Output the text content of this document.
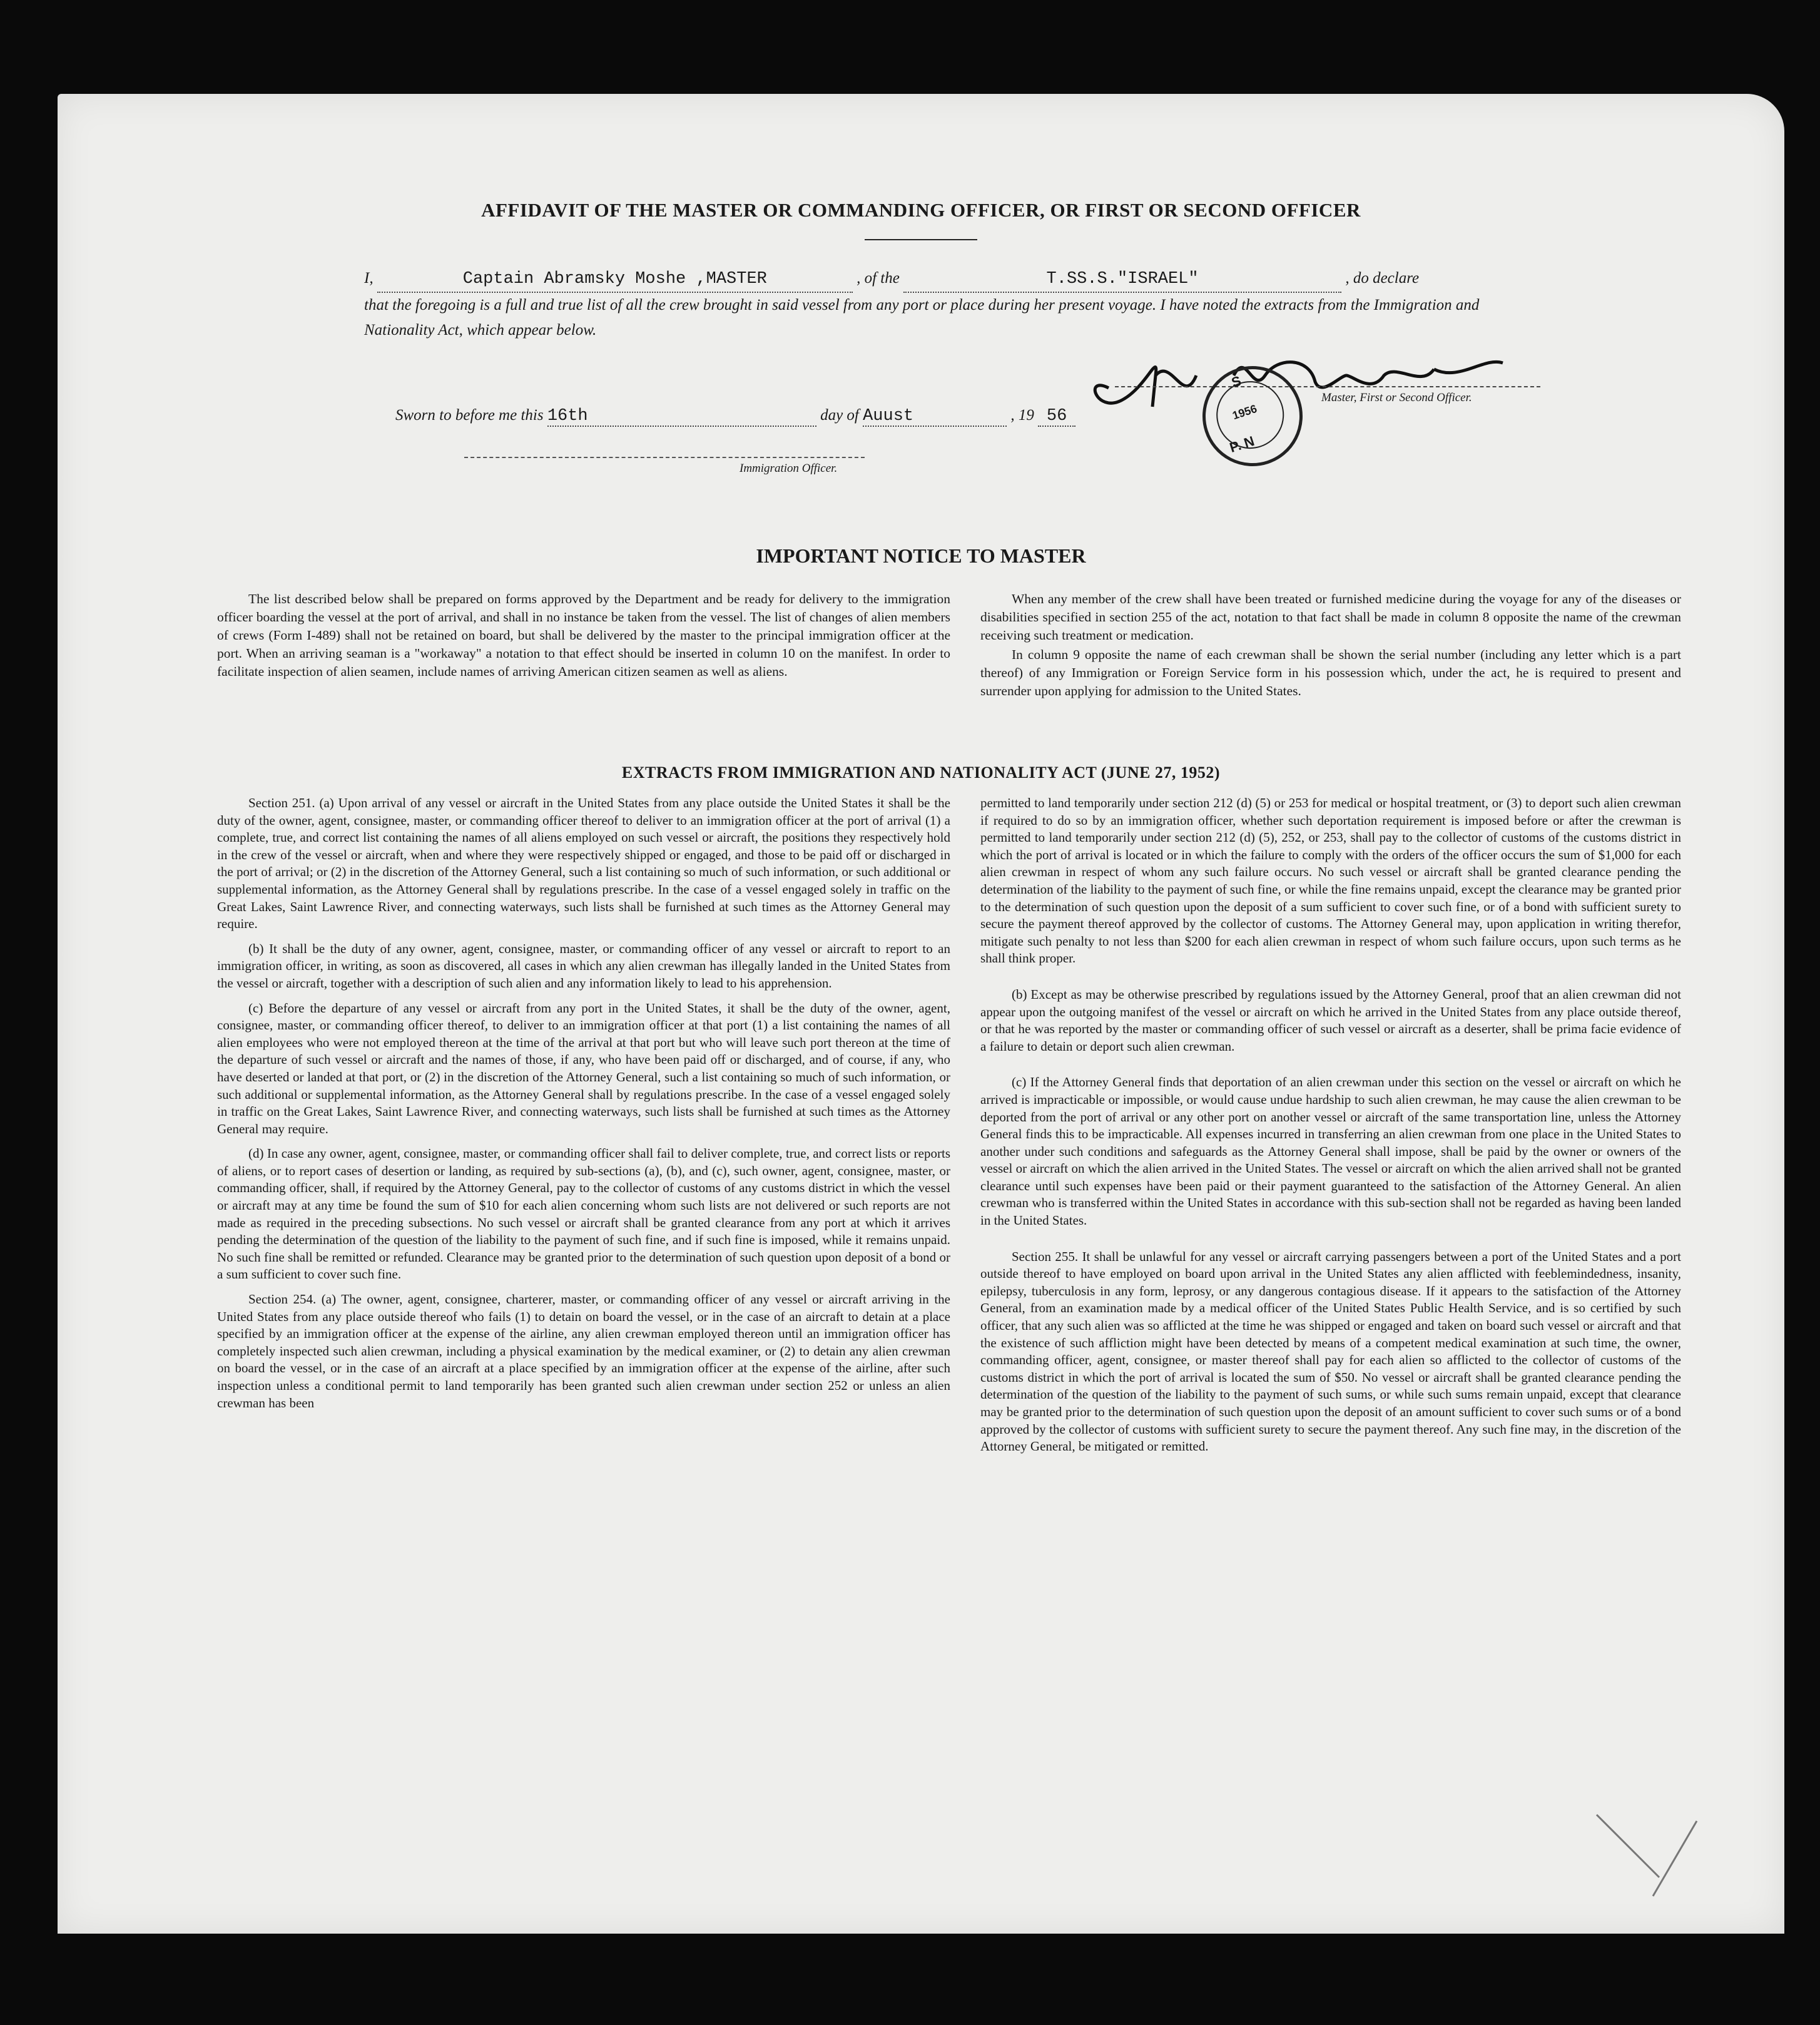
AFFIDAVIT OF THE MASTER OR COMMANDING OFFICER, OR FIRST OR SECOND OFFICER
I,	Captain Abramsky Moshe ,MASTER	, of the	T.SS.S."ISRAEL"	, do declare
that the foregoing is a full and true list of all the crew brought in said vessel from any port or place during her present voyage. I have noted the extracts from the Immigration and Nationality Act, which appear below.
Master, First or Second Officer.
S
1956
P. N
Sworn to before me this 16th	day of Auust	, 19 56
Immigration Officer.
IMPORTANT NOTICE TO MASTER

The list described below shall be prepared on forms approved by the Department and be ready for delivery to the immigration officer boarding the vessel at the port of arrival, and shall in no instance be taken from the vessel. The list of changes of alien members of crews (Form I-489) shall not be retained on board, but shall be delivered by the master to the principal immigration officer at the port. When an arriving seaman is a "workaway" a notation to that effect should be inserted in column 10 on the manifest. In order to facilitate inspection of alien seamen, include names of arriving American citizen seamen as well as aliens.

When any member of the crew shall have been treated or furnished medicine during the voyage for any of the diseases or disabilities specified in section 255 of the act, notation to that fact shall be made in column 8 opposite the name of the crewman receiving such treatment or medication.

In column 9 opposite the name of each crewman shall be shown the serial number (including any letter which is a part thereof) of any Immigration or Foreign Service form in his possession which, under the act, he is required to present and surrender upon applying for admission to the United States.

EXTRACTS FROM IMMIGRATION AND NATIONALITY ACT (JUNE 27, 1952)

Section 251. (a) Upon arrival of any vessel or aircraft in the United States from any place outside the United States it shall be the duty of the owner, agent, consignee, master, or commanding officer thereof to deliver to an immigration officer at the port of arrival (1) a complete, true, and correct list containing the names of all aliens employed on such vessel or aircraft, the positions they respectively hold in the crew of the vessel or aircraft, when and where they were respectively shipped or engaged, and those to be paid off or discharged in the port of arrival; or (2) in the discretion of the Attorney General, such a list containing so much of such information, or such additional or supplemental information, as the Attorney General shall by regulations prescribe. In the case of a vessel engaged solely in traffic on the Great Lakes, Saint Lawrence River, and connecting waterways, such lists shall be furnished at such times as the Attorney General may require.

(b) It shall be the duty of any owner, agent, consignee, master, or commanding officer of any vessel or aircraft to report to an immigration officer, in writing, as soon as discovered, all cases in which any alien crewman has illegally landed in the United States from the vessel or aircraft, together with a description of such alien and any information likely to lead to his apprehension.

(c) Before the departure of any vessel or aircraft from any port in the United States, it shall be the duty of the owner, agent, consignee, master, or commanding officer thereof, to deliver to an immigration officer at that port (1) a list containing the names of all alien employees who were not employed thereon at the time of the arrival at that port but who will leave such port thereon at the time of the departure of such vessel or aircraft and the names of those, if any, who have been paid off or discharged, and of course, if any, who have deserted or landed at that port, or (2) in the discretion of the Attorney General, such a list containing so much of such information, or such additional or supplemental information, as the Attorney General shall by regulations prescribe. In the case of a vessel engaged solely in traffic on the Great Lakes, Saint Lawrence River, and connecting waterways, such lists shall be furnished at such times as the Attorney General may require.

(d) In case any owner, agent, consignee, master, or commanding officer shall fail to deliver complete, true, and correct lists or reports of aliens, or to report cases of desertion or landing, as required by sub-sections (a), (b), and (c), such owner, agent, consignee, master, or commanding officer, shall, if required by the Attorney General, pay to the collector of customs of any customs district in which the vessel or aircraft may at any time be found the sum of $10 for each alien concerning whom such lists are not delivered or such reports are not made as required in the preceding subsections. No such vessel or aircraft shall be granted clearance from any port at which it arrives pending the determination of the question of the liability to the payment of such fine, and if such fine is imposed, while it remains unpaid. No such fine shall be remitted or refunded. Clearance may be granted prior to the determination of such question upon deposit of a bond or a sum sufficient to cover such fine.

Section 254. (a) The owner, agent, consignee, charterer, master, or commanding officer of any vessel or aircraft arriving in the United States from any place outside thereof who fails (1) to detain on board the vessel, or in the case of an aircraft to detain at a place specified by an immigration officer at the expense of the airline, any alien crewman employed thereon until an immigration officer has completely inspected such alien crewman, including a physical examination by the medical examiner, or (2) to detain any alien crewman on board the vessel, or in the case of an aircraft at a place specified by an immigration officer at the expense of the airline, after such inspection unless a conditional permit to land temporarily has been granted such alien crewman under section 252 or unless an alien crewman has been

permitted to land temporarily under section 212 (d) (5) or 253 for medical or hospital treatment, or (3) to deport such alien crewman if required to do so by an immigration officer, whether such deportation requirement is imposed before or after the crewman is permitted to land temporarily under section 212 (d) (5), 252, or 253, shall pay to the collector of customs of the customs district in which the port of arrival is located or in which the failure to comply with the orders of the officer occurs the sum of $1,000 for each alien crewman in respect of whom any such failure occurs. No such vessel or aircraft shall be granted clearance pending the determination of the liability to the payment of such fine, or while the fine remains unpaid, except the clearance may be granted prior to the determination of such question upon the deposit of a sum sufficient to cover such fine, or of a bond with sufficient surety to secure the payment thereof approved by the collector of customs. The Attorney General may, upon application in writing therefor, mitigate such penalty to not less than $200 for each alien crewman in respect of whom such failure occurs, upon such terms as he shall think proper.

(b) Except as may be otherwise prescribed by regulations issued by the Attorney General, proof that an alien crewman did not appear upon the outgoing manifest of the vessel or aircraft on which he arrived in the United States from any place outside thereof, or that he was reported by the master or commanding officer of such vessel or aircraft as a deserter, shall be prima facie evidence of a failure to detain or deport such alien crewman.

(c) If the Attorney General finds that deportation of an alien crewman under this section on the vessel or aircraft on which he arrived is impracticable or impossible, or would cause undue hardship to such alien crewman, he may cause the alien crewman to be deported from the port of arrival or any other port on another vessel or aircraft of the same transportation line, unless the Attorney General finds this to be impracticable. All expenses incurred in transferring an alien crewman from one place in the United States to another under such conditions and safeguards as the Attorney General shall impose, shall be paid by the owner or owners of the vessel or aircraft on which the alien arrived in the United States. The vessel or aircraft on which the alien arrived shall not be granted clearance until such expenses have been paid or their payment guaranteed to the satisfaction of the Attorney General. An alien crewman who is transferred within the United States in accordance with this sub-section shall not be regarded as having been landed in the United States.

Section 255. It shall be unlawful for any vessel or aircraft carrying passengers between a port of the United States and a port outside thereof to have employed on board upon arrival in the United States any alien afflicted with feeblemindedness, insanity, epilepsy, tuberculosis in any form, leprosy, or any dangerous contagious disease. If it appears to the satisfaction of the Attorney General, from an examination made by a medical officer of the United States Public Health Service, and is so certified by such officer, that any such alien was so afflicted at the time he was shipped or engaged and taken on board such vessel or aircraft and that the existence of such affliction might have been detected by means of a competent medical examination at such time, the owner, commanding officer, agent, consignee, or master thereof shall pay for each alien so afflicted to the collector of customs of the customs district in which the port of arrival is located the sum of $50. No vessel or aircraft shall be granted clearance pending the determination of the question of the liability to the payment of such sums, or while such sums remain unpaid, except that clearance may be granted prior to the determination of such question upon the deposit of an amount sufficient to cover such sums or of a bond approved by the collector of customs with sufficient surety to secure the payment thereof. Any such fine may, in the discretion of the Attorney General, be mitigated or remitted.
